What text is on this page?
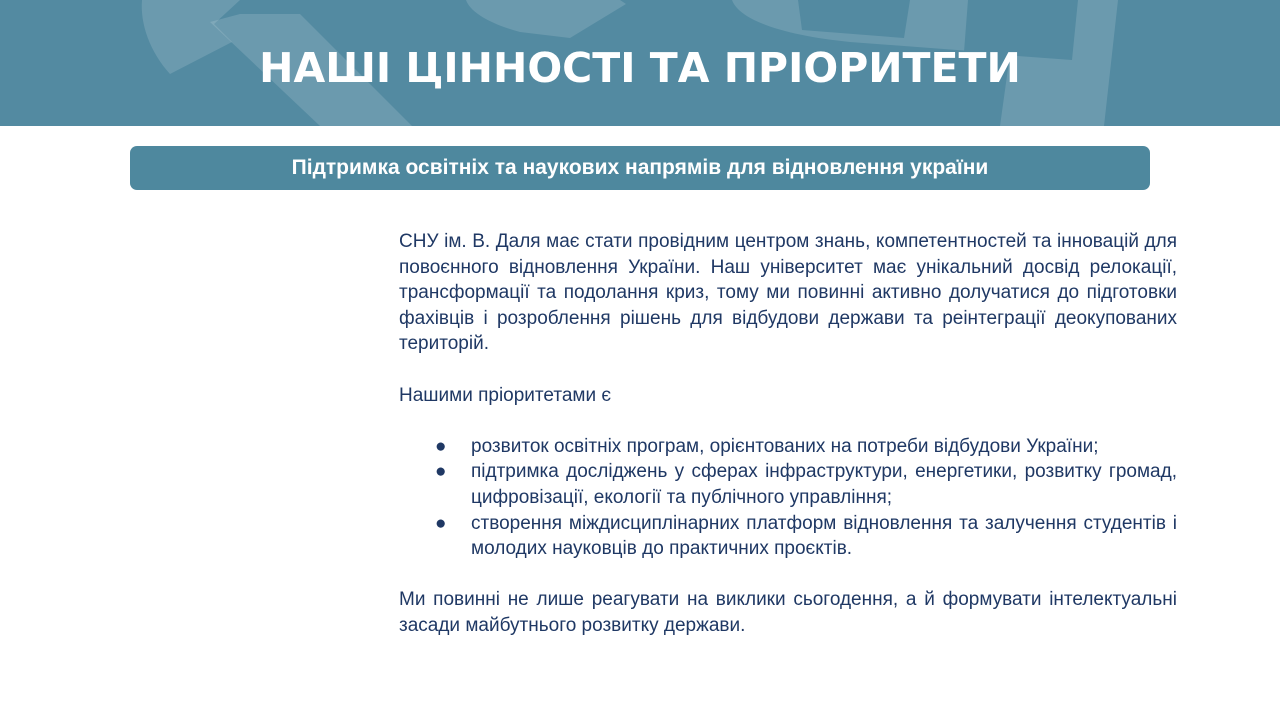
НАШІ ЦІННОСТІ ТА ПРІОРИТЕТИ
Підтримка освітніх та наукових напрямів для відновлення україни

СНУ ім. В. Даля має стати провідним центром знань, компетентностей та інновацій для повоєнного відновлення України. Наш університет має унікальний досвід релокації, трансформації та подолання криз, тому ми повинні активно долучатися до підготовки фахівців і розроблення рішень для відбудови держави та реінтеграції деокупованих територій.

Нашими пріоритетами є

● розвиток освітніх програм, орієнтованих на потреби відбудови України;
● підтримка досліджень у сферах інфраструктури, енергетики, розвитку громад, цифровізації, екології та публічного управління;
● створення міждисциплінарних платформ відновлення та залучення студентів і молодих науковців до практичних проєктів.

Ми повинні не лише реагувати на виклики сьогодення, а й формувати інтелектуальні засади майбутнього розвитку держави.
